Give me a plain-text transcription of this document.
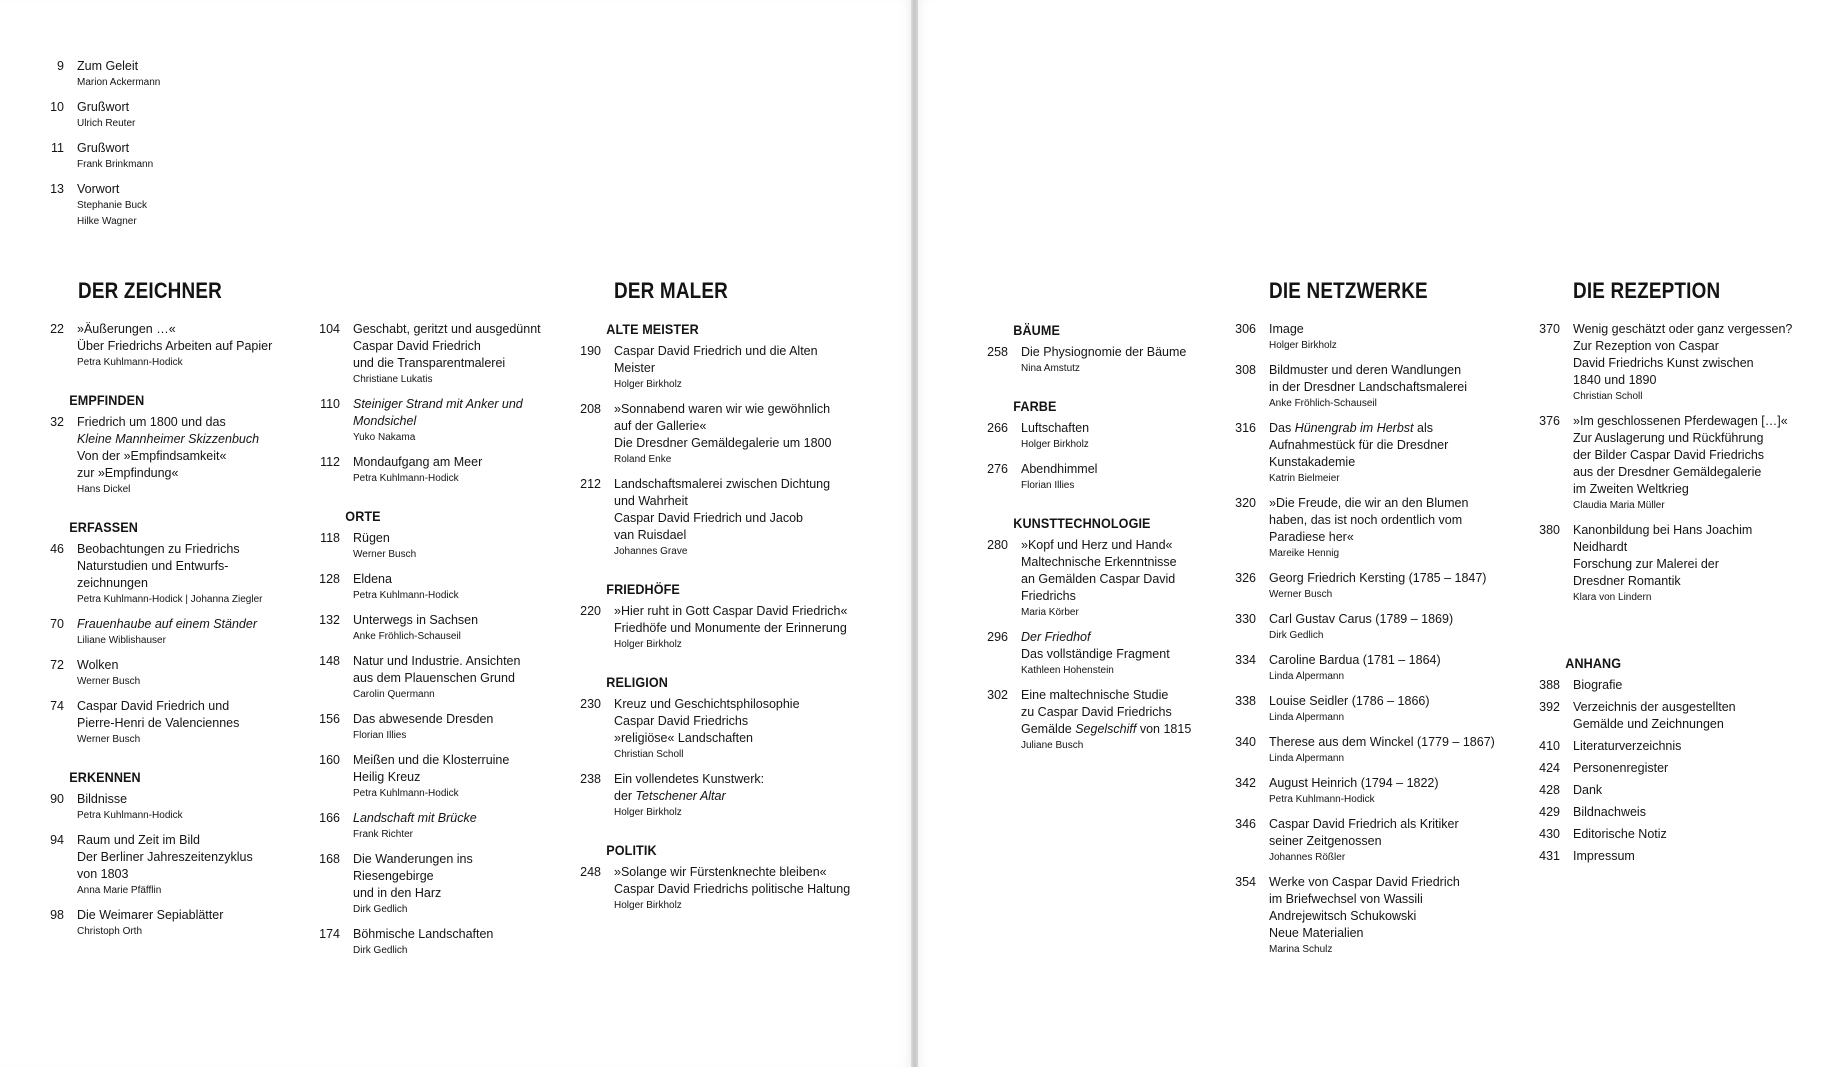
9 Zum Geleit
Marion Ackermann
10 Grußwort
Ulrich Reuter
11 Grußwort
Frank Brinkmann
13 Vorwort
Stephanie Buck
Hilke Wagner
DER ZEICHNER
22 »Äußerungen …«
Über Friedrichs Arbeiten auf Papier
Petra Kuhlmann-Hodick
EMPFINDEN
32 Friedrich um 1800 und das
Kleine Mannheimer Skizzenbuch
Von der »Empfindsamkeit«
zur »Empfindung«
Hans Dickel
ERFASSEN
46 Beobachtungen zu Friedrichs
Naturstudien und Entwurfs-
zeichnungen
Petra Kuhlmann-Hodick | Johanna Ziegler
70 Frauenhaube auf einem Ständer
Liliane Wiblishauser
72 Wolken
Werner Busch
74 Caspar David Friedrich und
Pierre-Henri de Valenciennes
Werner Busch
ERKENNEN
90 Bildnisse
Petra Kuhlmann-Hodick
94 Raum und Zeit im Bild
Der Berliner Jahreszeitenzyklus
von 1803
Anna Marie Pfäfflin
98 Die Weimarer Sepiablätter
Christoph Orth
104 Geschabt, geritzt und ausgedünnt
Caspar David Friedrich
und die Transparentmalerei
Christiane Lukatis
110 Steiniger Strand mit Anker und
Mondsichel
Yuko Nakama
112 Mondaufgang am Meer
Petra Kuhlmann-Hodick
ORTE
118 Rügen
Werner Busch
128 Eldena
Petra Kuhlmann-Hodick
132 Unterwegs in Sachsen
Anke Fröhlich-Schauseil
148 Natur und Industrie. Ansichten
aus dem Plauenschen Grund
Carolin Quermann
156 Das abwesende Dresden
Florian Illies
160 Meißen und die Klosterruine
Heilig Kreuz
Petra Kuhlmann-Hodick
166 Landschaft mit Brücke
Frank Richter
168 Die Wanderungen ins
Riesengebirge
und in den Harz
Dirk Gedlich
174 Böhmische Landschaften
Dirk Gedlich
DER MALER
ALTE MEISTER
190 Caspar David Friedrich und die Alten Meister
Holger Birkholz
208 »Sonnabend waren wir wie gewöhnlich
auf der Gallerie«
Die Dresdner Gemäldegalerie um 1800
Roland Enke
212 Landschaftsmalerei zwischen Dichtung
und Wahrheit
Caspar David Friedrich und Jacob
van Ruisdael
Johannes Grave
FRIEDHÖFE
220 »Hier ruht in Gott Caspar David Friedrich«
Friedhöfe und Monumente der Erinnerung
Holger Birkholz
RELIGION
230 Kreuz und Geschichtsphilosophie
Caspar David Friedrichs
»religiöse« Landschaften
Christian Scholl
238 Ein vollendetes Kunstwerk:
der Tetschener Altar
Holger Birkholz
POLITIK
248 »Solange wir Fürstenknechte bleiben«
Caspar David Friedrichs politische Haltung
Holger Birkholz
BÄUME
258 Die Physiognomie der Bäume
Nina Amstutz
FARBE
266 Luftschaften
Holger Birkholz
276 Abendhimmel
Florian Illies
KUNSTTECHNOLOGIE
280 »Kopf und Herz und Hand«
Maltechnische Erkenntnisse
an Gemälden Caspar David
Friedrichs
Maria Körber
296 Der Friedhof
Das vollständige Fragment
Kathleen Hohenstein
302 Eine maltechnische Studie
zu Caspar David Friedrichs
Gemälde Segelschiff von 1815
Juliane Busch
DIE NETZWERKE
306 Image
Holger Birkholz
308 Bildmuster und deren Wandlungen
in der Dresdner Landschaftsmalerei
Anke Fröhlich-Schauseil
316 Das Hünengrab im Herbst als
Aufnahmestück für die Dresdner
Kunstakademie
Katrin Bielmeier
320 »Die Freude, die wir an den Blumen
haben, das ist noch ordentlich vom
Paradiese her«
Mareike Hennig
326 Georg Friedrich Kersting (1785 – 1847)
Werner Busch
330 Carl Gustav Carus (1789 – 1869)
Dirk Gedlich
334 Caroline Bardua (1781 – 1864)
Linda Alpermann
338 Louise Seidler (1786 – 1866)
Linda Alpermann
340 Therese aus dem Winckel (1779 – 1867)
Linda Alpermann
342 August Heinrich (1794 – 1822)
Petra Kuhlmann-Hodick
346 Caspar David Friedrich als Kritiker
seiner Zeitgenossen
Johannes Rößler
354 Werke von Caspar David Friedrich
im Briefwechsel von Wassili
Andrejewitsch Schukowski
Neue Materialien
Marina Schulz
DIE REZEPTION
370 Wenig geschätzt oder ganz vergessen?
Zur Rezeption von Caspar
David Friedrichs Kunst zwischen
1840 und 1890
Christian Scholl
376 »Im geschlossenen Pferdewagen […]«
Zur Auslagerung und Rückführung
der Bilder Caspar David Friedrichs
aus der Dresdner Gemäldegalerie
im Zweiten Weltkrieg
Claudia Maria Müller
380 Kanonbildung bei Hans Joachim
Neidhardt
Forschung zur Malerei der
Dresdner Romantik
Klara von Lindern
ANHANG
388 Biografie
392 Verzeichnis der ausgestellten
Gemälde und Zeichnungen
410 Literaturverzeichnis
424 Personenregister
428 Dank
429 Bildnachweis
430 Editorische Notiz
431 Impressum
